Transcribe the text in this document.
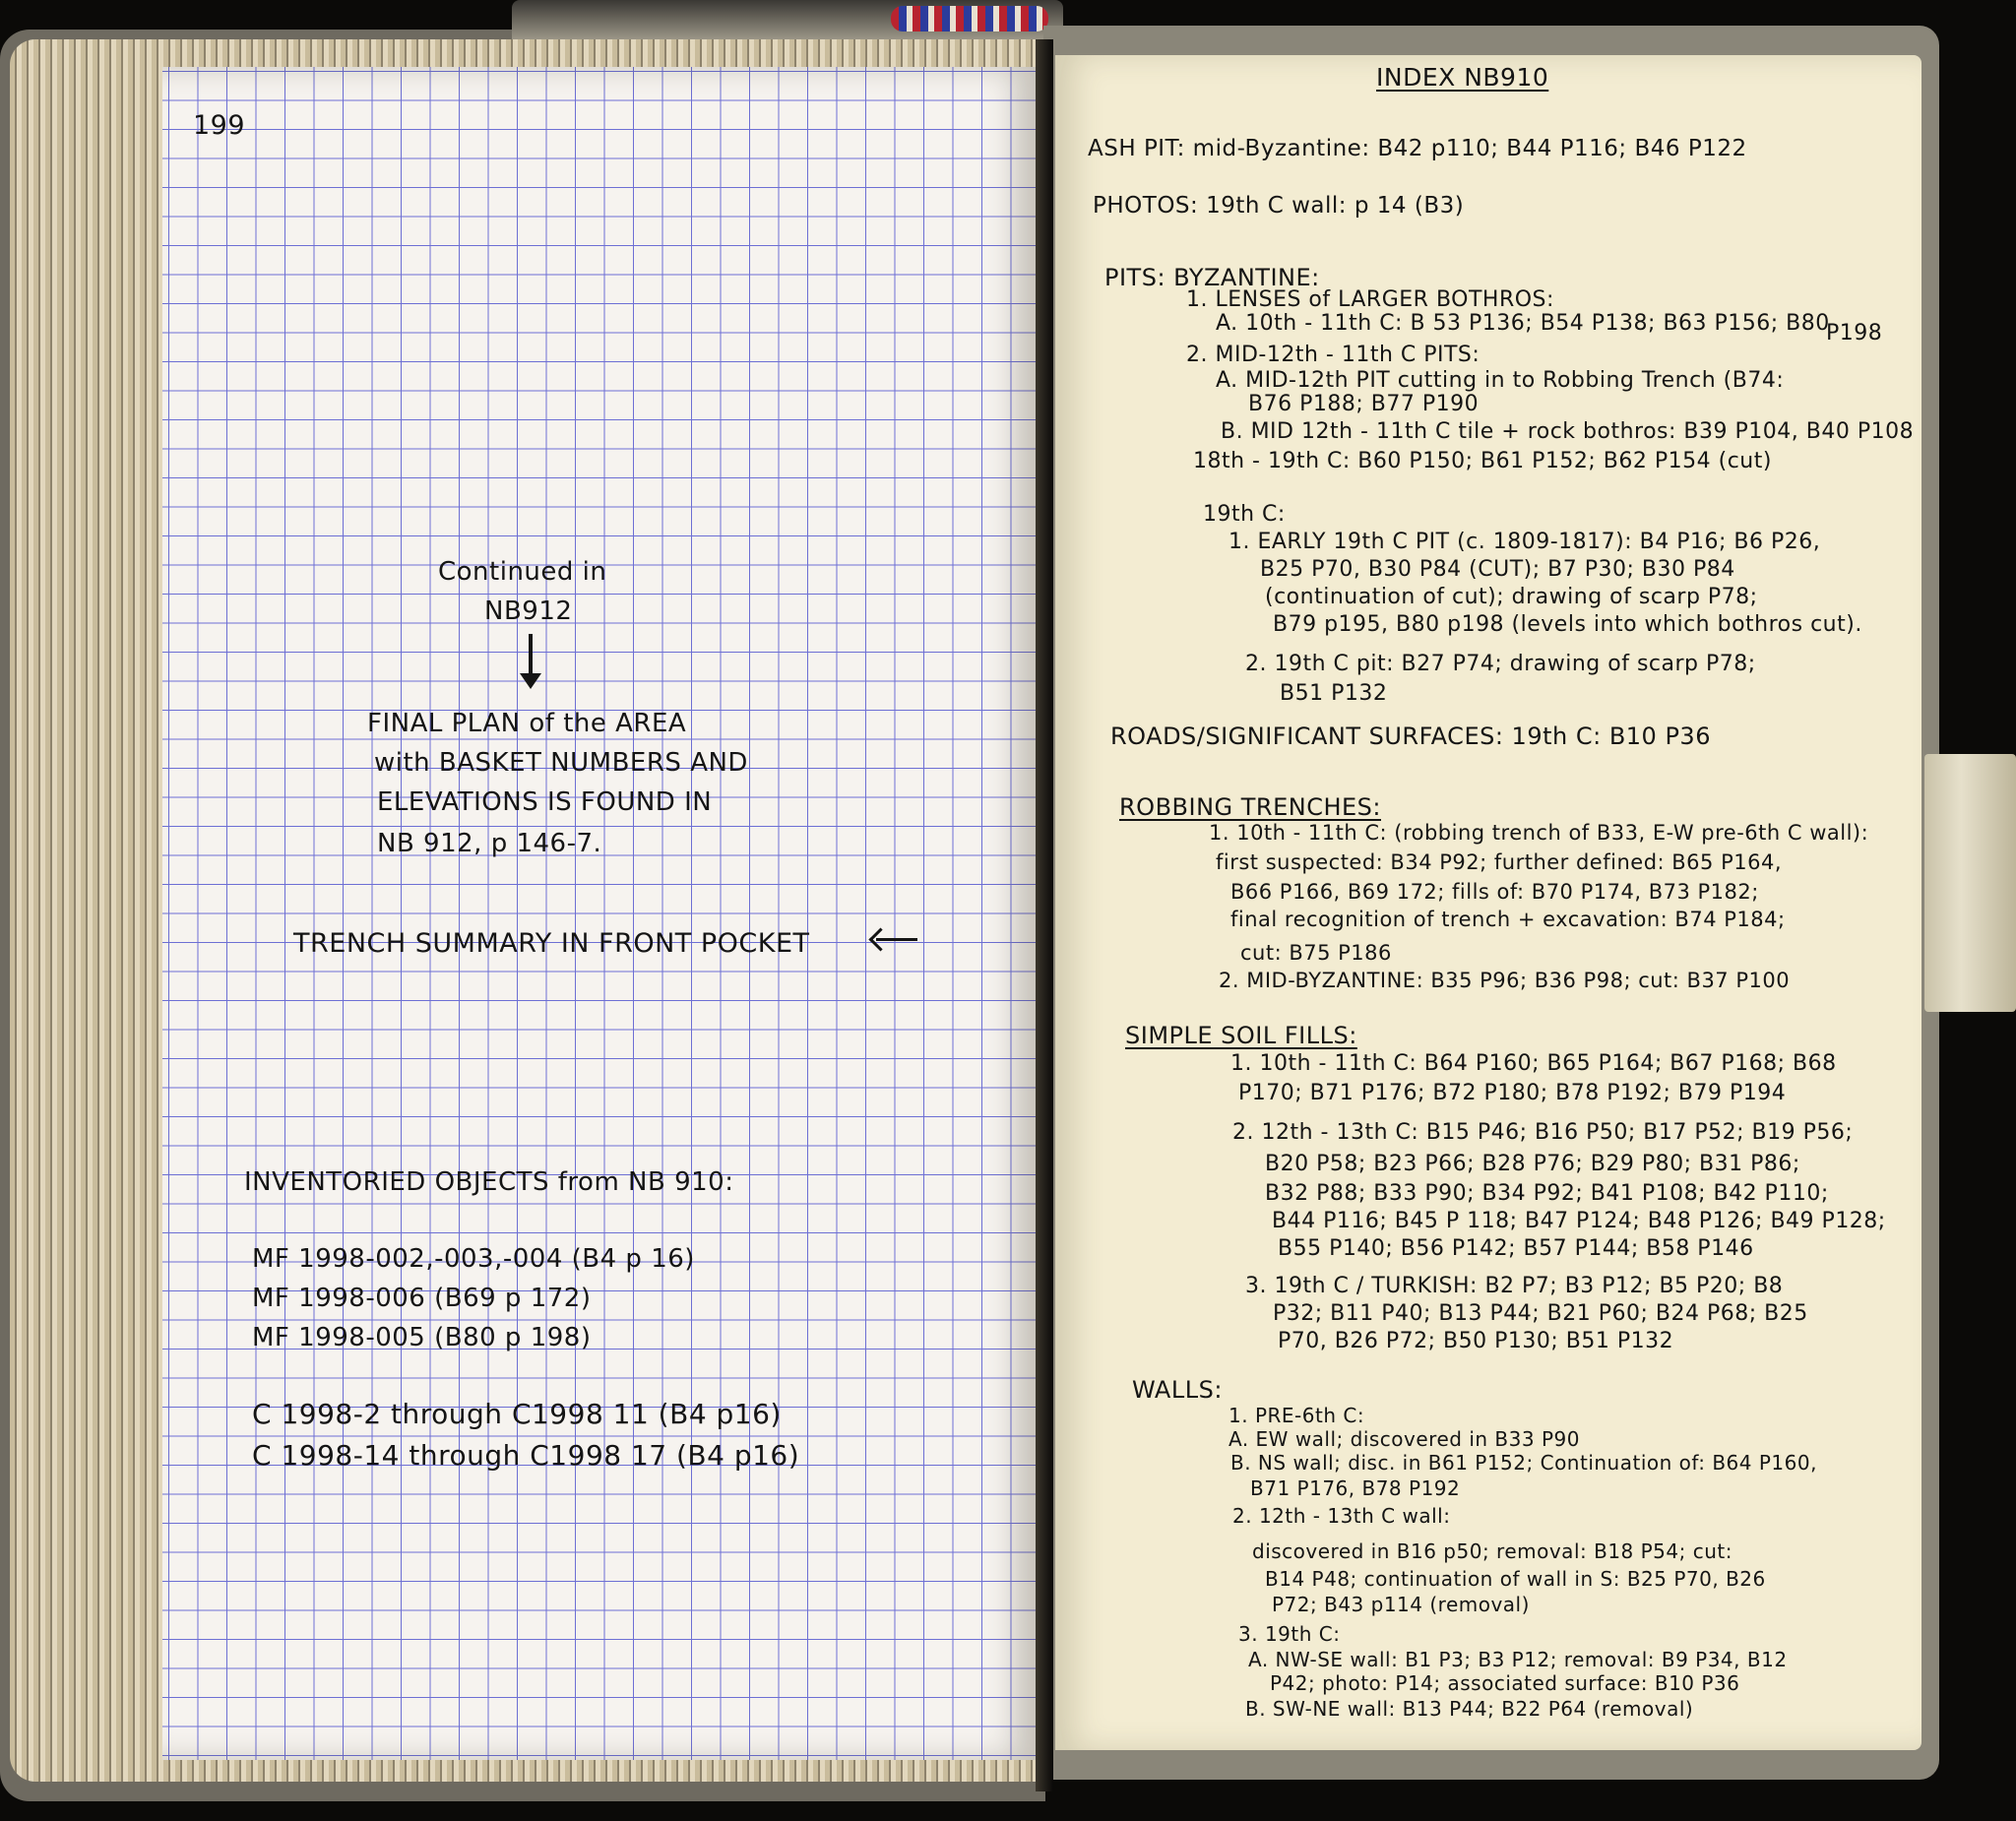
199
Continued in
NB912
FINAL PLAN of the AREA
with BASKET NUMBERS AND
ELEVATIONS IS FOUND IN
NB 912, p 146-7.
TRENCH SUMMARY IN FRONT POCKET
INVENTORIED OBJECTS from NB 910:
MF 1998-002,-003,-004 (B4 p 16)
MF 1998-006 (B69 p 172)
MF 1998-005 (B80 p 198)
C 1998-2 through C1998 11 (B4 p16)
C 1998-14 through C1998 17 (B4 p16)
INDEX NB910
ASH PIT: mid-Byzantine: B42 p110; B44 P116; B46 P122
PHOTOS: 19th C wall: p 14 (B3)
PITS: BYZANTINE:
1. LENSES of LARGER BOTHROS:
A. 10th - 11th C: B 53 P136; B54 P138; B63 P156; B80
P198
2. MID-12th - 11th C PITS:
A. MID-12th PIT cutting in to Robbing Trench (B74:
B76 P188; B77 P190
B. MID 12th - 11th C tile + rock bothros: B39 P104, B40 P108
18th - 19th C: B60 P150; B61 P152; B62 P154 (cut)
19th C:
1. EARLY 19th C PIT (c. 1809-1817): B4 P16; B6 P26,
B25 P70, B30 P84 (CUT); B7 P30; B30 P84
(continuation of cut); drawing of scarp P78;
B79 p195, B80 p198 (levels into which bothros cut).
2. 19th C pit: B27 P74; drawing of scarp P78;
B51 P132
ROADS/SIGNIFICANT SURFACES: 19th C: B10 P36
ROBBING TRENCHES:
1. 10th - 11th C: (robbing trench of B33, E-W pre-6th C wall):
first suspected: B34 P92; further defined: B65 P164,
B66 P166, B69 172; fills of: B70 P174, B73 P182;
final recognition of trench + excavation: B74 P184;
cut: B75 P186
2. MID-BYZANTINE: B35 P96; B36 P98; cut: B37 P100
SIMPLE SOIL FILLS:
1. 10th - 11th C: B64 P160; B65 P164; B67 P168; B68
P170; B71 P176; B72 P180; B78 P192; B79 P194
2. 12th - 13th C: B15 P46; B16 P50; B17 P52; B19 P56;
B20 P58; B23 P66; B28 P76; B29 P80; B31 P86;
B32 P88; B33 P90; B34 P92; B41 P108; B42 P110;
B44 P116; B45 P 118; B47 P124; B48 P126; B49 P128;
B55 P140; B56 P142; B57 P144; B58 P146
3. 19th C / TURKISH: B2 P7; B3 P12; B5 P20; B8
P32; B11 P40; B13 P44; B21 P60; B24 P68; B25
P70, B26 P72; B50 P130; B51 P132
WALLS:
1. PRE-6th C:
A. EW wall; discovered in B33 P90
B. NS wall; disc. in B61 P152; Continuation of: B64 P160,
B71 P176, B78 P192
2. 12th - 13th C wall:
discovered in B16 p50; removal: B18 P54; cut:
B14 P48; continuation of wall in S: B25 P70, B26
P72; B43 p114 (removal)
3. 19th C:
A. NW-SE wall: B1 P3; B3 P12; removal: B9 P34, B12
P42; photo: P14; associated surface: B10 P36
B. SW-NE wall: B13 P44; B22 P64 (removal)
